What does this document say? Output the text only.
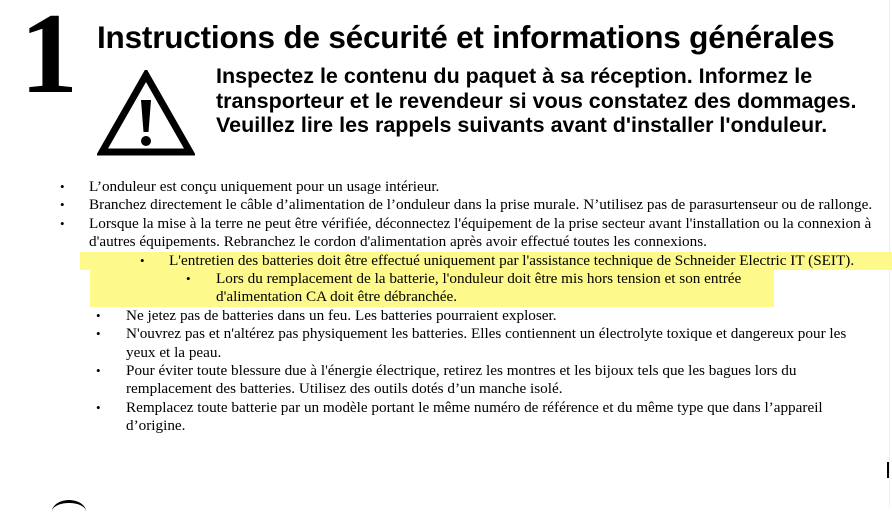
1 Instructions de sécurité et informations générales

Inspectez le contenu du paquet à sa réception. Informez le transporteur et le revendeur si vous constatez des dommages.

Veuillez lire les rappels suivants avant d'installer l'onduleur.

• L’onduleur est conçu uniquement pour un usage intérieur.
• Branchez directement le câble d’alimentation de l’onduleur dans la prise murale. N’utilisez pas de parasurtenseur ou de rallonge.
• Lorsque la mise à la terre ne peut être vérifiée, déconnectez l'équipement de la prise secteur avant l'installation ou la connexion à d'autres équipements. Rebranchez le cordon d'alimentation après avoir effectué toutes les connexions.
• L'entretien des batteries doit être effectué uniquement par l'assistance technique de Schneider Electric IT (SEIT).
• Lors du remplacement de la batterie, l'onduleur doit être mis hors tension et son entrée d'alimentation CA doit être débranchée.
• Ne jetez pas de batteries dans un feu. Les batteries pourraient exploser.
• N'ouvrez pas et n'altérez pas physiquement les batteries. Elles contiennent un électrolyte toxique et dangereux pour les yeux et la peau.
• Pour éviter toute blessure due à l'énergie électrique, retirez les montres et les bijoux tels que les bagues lors du remplacement des batteries. Utilisez des outils dotés d’un manche isolé.
• Remplacez toute batterie par un modèle portant le même numéro de référence et du même type que dans l’appareil d’origine.
